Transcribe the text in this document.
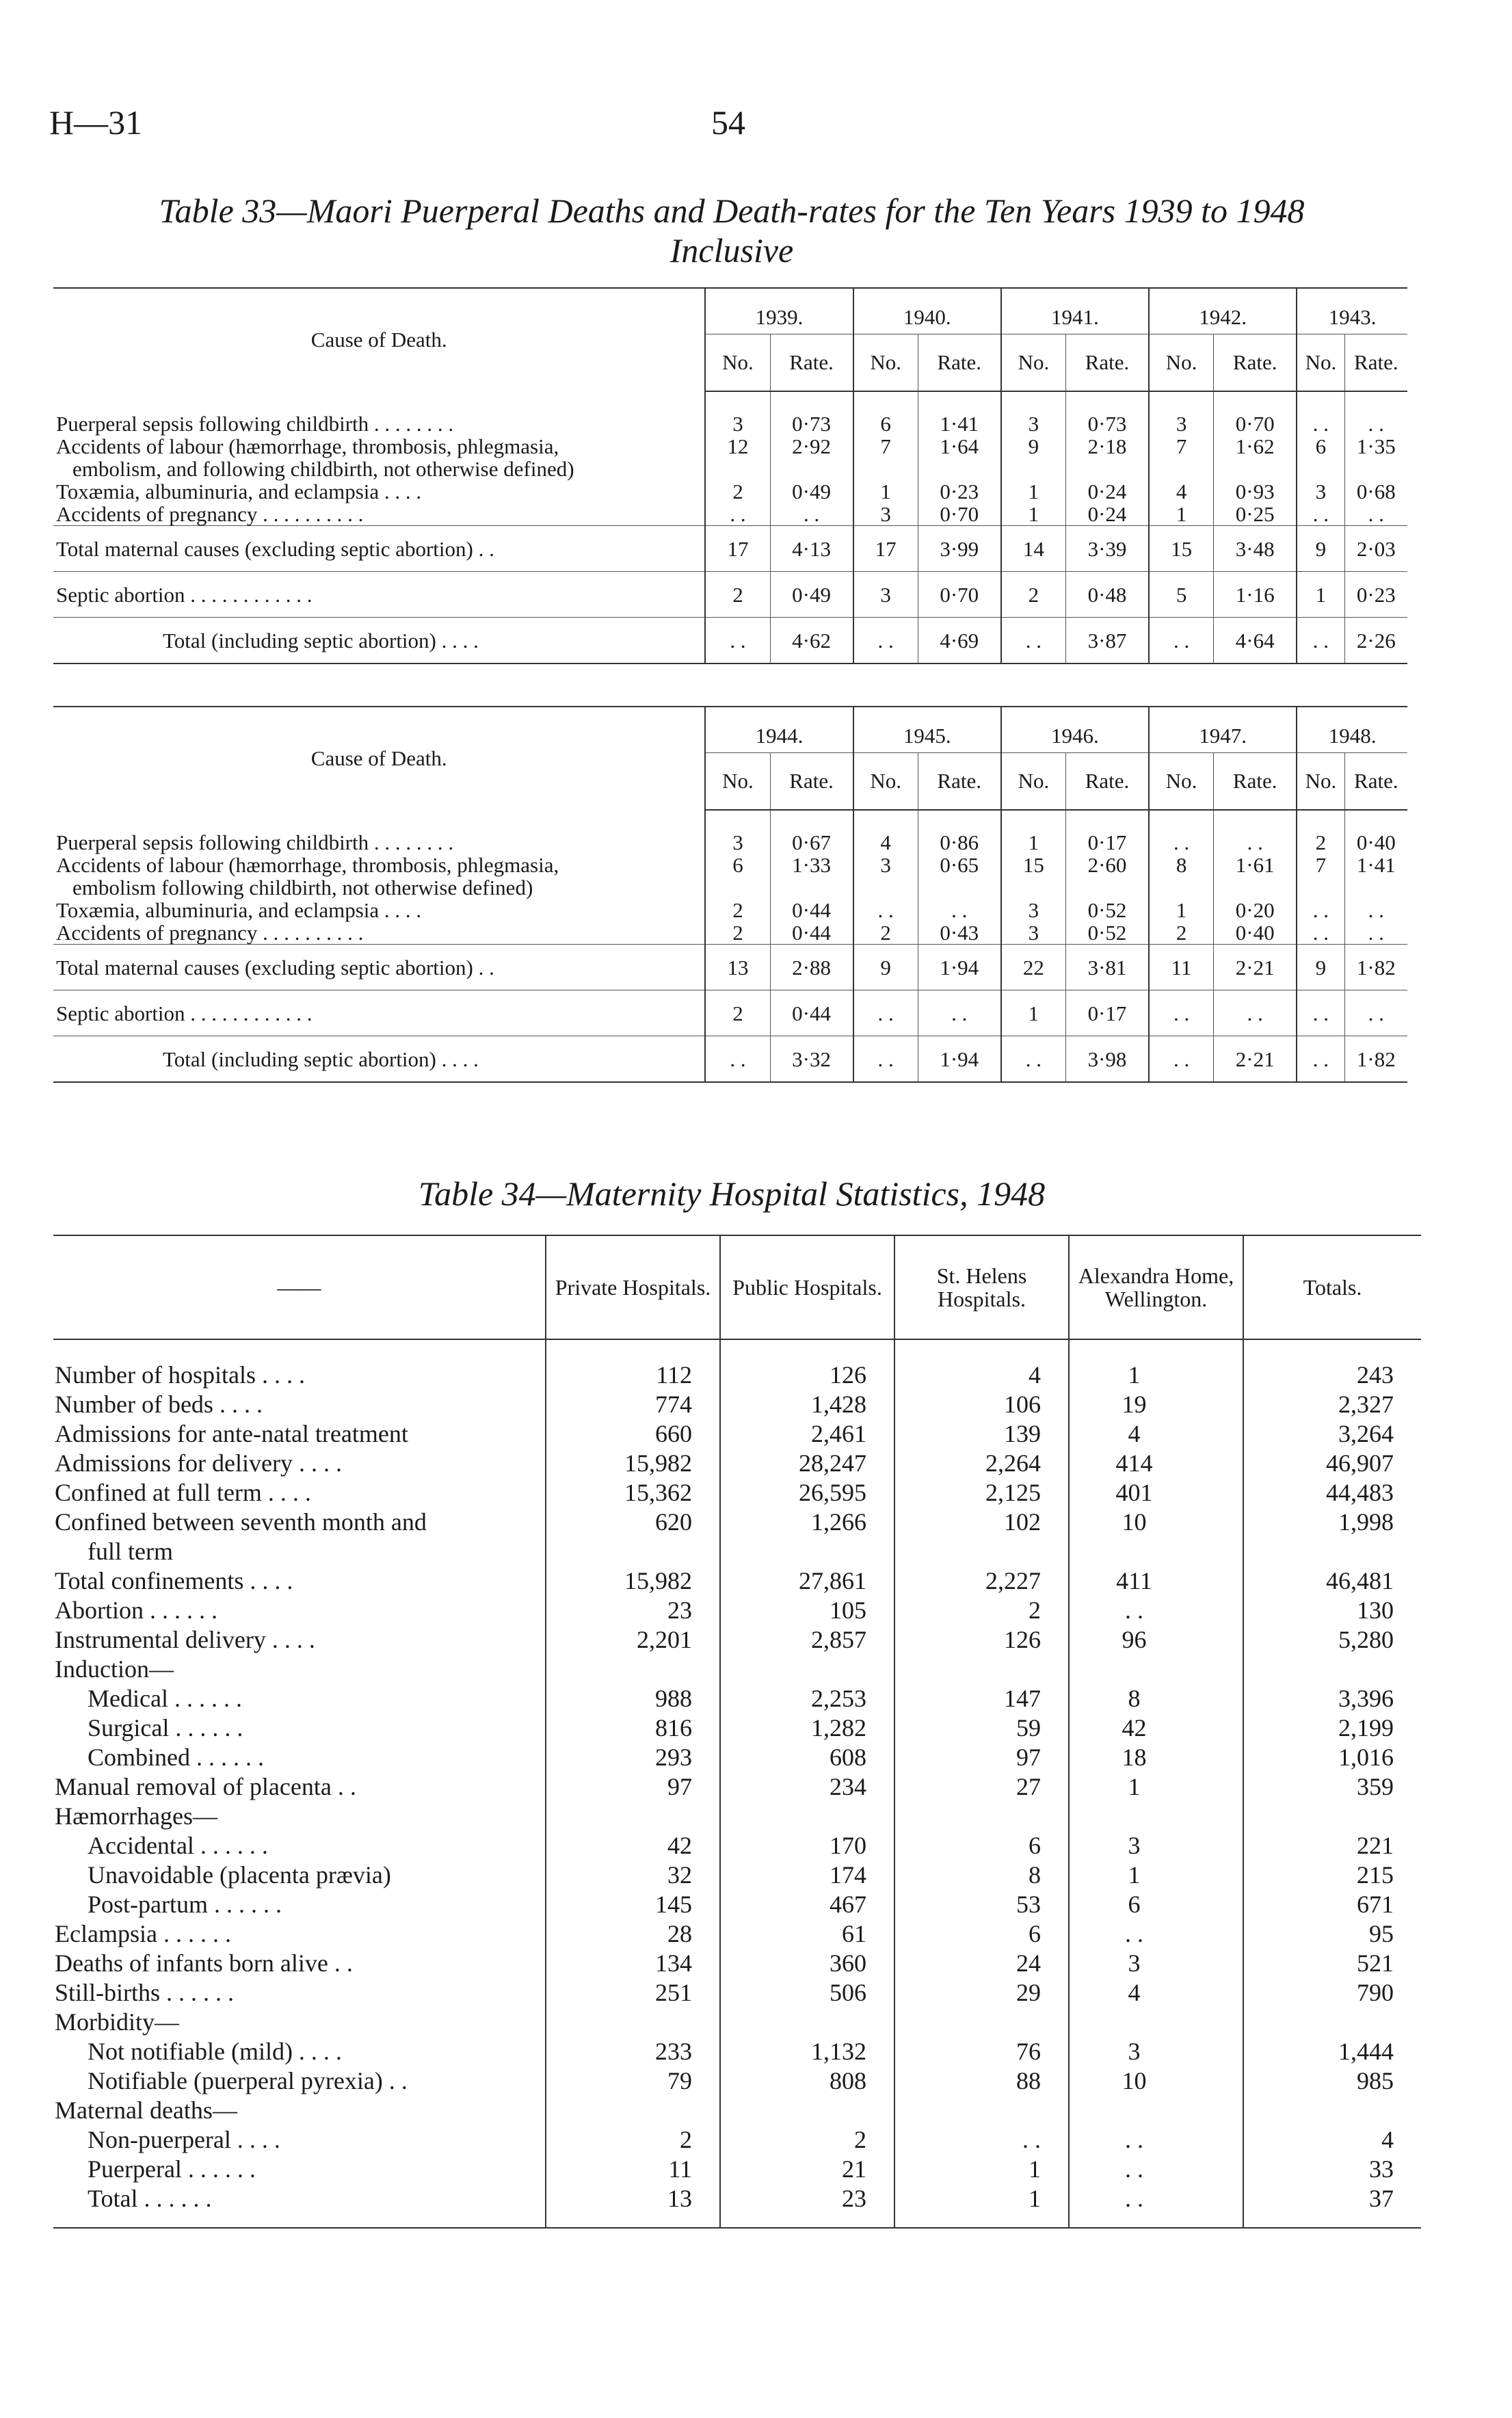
H—31	54
Table 33—Maori Puerperal Deaths and Death-rates for the Ten Years 1939 to 1948
Inclusive
Cause of Death.	1939.		1940.		1941.		1942.		1943.	
	No.	Rate.	No.	Rate.	No.	Rate.	No.	Rate.	No.	Rate.

Puerperal sepsis following childbirth . . . . . . . .	3	0·73	6	1·41	3	0·73	3	0·70	. .	. .
Accidents of labour (hæmorrhage, thrombosis, phlegmasia,
embolism, and following childbirth, not otherwise defined)	12	2·92	7	1·64	9	2·18	7	1·62	6	1·35
Toxæmia, albuminuria, and eclampsia . . . .	2	0·49	1	0·23	1	0·24	4	0·93	3	0·68
Accidents of pregnancy . . . . . . . . . .	. .	. .	3	0·70	1	0·24	1	0·25	. .	. .
Total maternal causes (excluding septic abortion) . .	17	4·13	17	3·99	14	3·39	15	3·48	9	2·03
Septic abortion . . . . . . . . . . . .	2	0·49	3	0·70	2	0·48	5	1·16	1	0·23
Total (including septic abortion) . . . .	. .	4·62	. .	4·69	. .	3·87	. .	4·64	. .	2·26
Cause of Death.	1944.		1945.		1946.		1947.		1948.	
	No.	Rate.	No.	Rate.	No.	Rate.	No.	Rate.	No.	Rate.

Puerperal sepsis following childbirth . . . . . . . .	3	0·67	4	0·86	1	0·17	. .	. .	2	0·40
Accidents of labour (hæmorrhage, thrombosis, phlegmasia,
embolism following childbirth, not otherwise defined)	6	1·33	3	0·65	15	2·60	8	1·61	7	1·41
Toxæmia, albuminuria, and eclampsia . . . .	2	0·44	. .	. .	3	0·52	1	0·20	. .	. .
Accidents of pregnancy . . . . . . . . . .	2	0·44	2	0·43	3	0·52	2	0·40	. .	. .
Total maternal causes (excluding septic abortion) . .	13	2·88	9	1·94	22	3·81	11	2·21	9	1·82
Septic abortion . . . . . . . . . . . .	2	0·44	. .	. .	1	0·17	. .	. .	. .	. .
Total (including septic abortion) . . . .	. .	3·32	. .	1·94	. .	3·98	. .	2·21	. .	1·82
Table 34—Maternity Hospital Statistics, 1948
——	Private Hospitals.	Public Hospitals.	St. Helens Hospitals.	Alexandra Home, Wellington.	Totals.

Number of hospitals . . . .	112	126	4	1	243
Number of beds . . . .	774	1,428	106	19	2,327
Admissions for ante-natal treatment	660	2,461	139	4	3,264
Admissions for delivery . . . .	15,982	28,247	2,264	414	46,907
Confined at full term . . . .	15,362	26,595	2,125	401	44,483
Confined between seventh month and	620	1,266	102	10	1,998
full term					
Total confinements . . . .	15,982	27,861	2,227	411	46,481
Abortion . . . . . .	23	105	2	. .	130
Instrumental delivery . . . .	2,201	2,857	126	96	5,280
Induction—					
Medical . . . . . .	988	2,253	147	8	3,396
Surgical . . . . . .	816	1,282	59	42	2,199
Combined . . . . . .	293	608	97	18	1,016
Manual removal of placenta . .	97	234	27	1	359
Hæmorrhages—					
Accidental . . . . . .	42	170	6	3	221
Unavoidable (placenta prævia)	32	174	8	1	215
Post-partum . . . . . .	145	467	53	6	671
Eclampsia . . . . . .	28	61	6	. .	95
Deaths of infants born alive . .	134	360	24	3	521
Still-births . . . . . .	251	506	29	4	790
Morbidity—					
Not notifiable (mild) . . . .	233	1,132	76	3	1,444
Notifiable (puerperal pyrexia) . .	79	808	88	10	985
Maternal deaths—					
Non-puerperal . . . .	2	2	. .	. .	4
Puerperal . . . . . .	11	21	1	. .	33
Total . . . . . .	13	23	1	. .	37
